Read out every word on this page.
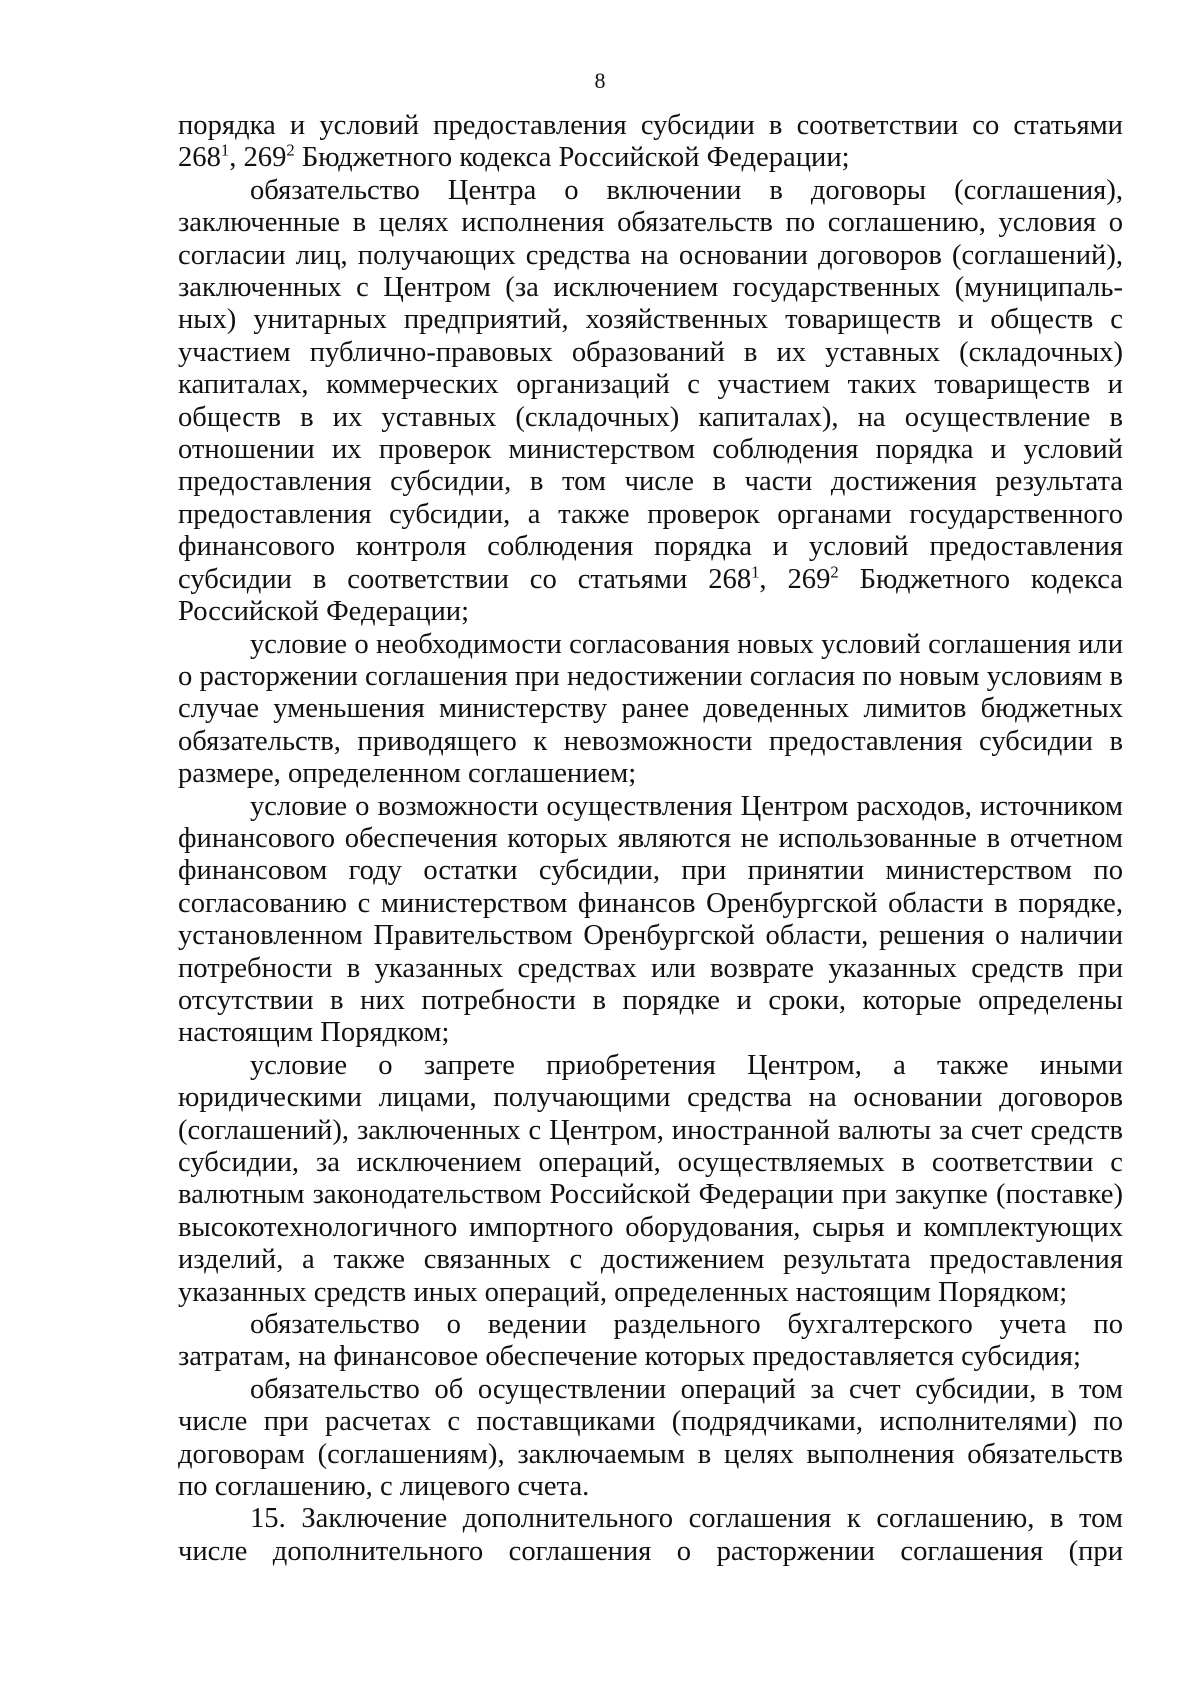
8

порядка и условий предоставления субсидии в соответствии со статьями $268^1$, $269^2$ Бюджетного кодекса Российской Федерации;

обязательство Центра о включении в договоры (соглашения), заключенные в целях исполнения обязательств по соглашению, условия о согласии лиц, получающих средства на основании договоров (соглашений), заключенных с Центром (за исключением государственных (муниципальных) унитарных предприятий, хозяйственных товариществ и обществ с участием публично-правовых образований в их уставных (складочных) капиталах, коммерческих организаций с участием таких товариществ и обществ в их уставных (складочных) капиталах), на осуществление в отношении их проверок министерством соблюдения порядка и условий предоставления субсидии, в том числе в части достижения результата предоставления субсидии, а также проверок органами государственного финансового контроля соблюдения порядка и условий предоставления субсидии в соответствии со статьями $268^1$, $269^2$ Бюджетного кодекса Российской Федерации;

условие о необходимости согласования новых условий соглашения или о расторжении соглашения при недостижении согласия по новым условиям в случае уменьшения министерству ранее доведенных лимитов бюджетных обязательств, приводящего к невозможности предоставления субсидии в размере, определенном соглашением;

условие о возможности осуществления Центром расходов, источником финансового обеспечения которых являются не использованные в отчетном финансовом году остатки субсидии, при принятии министерством по согласованию с министерством финансов Оренбургской области в порядке, установленном Правительством Оренбургской области, решения о наличии потребности в указанных средствах или возврате указанных средств при отсутствии в них потребности в порядке и сроки, которые определены настоящим Порядком;

условие о запрете приобретения Центром, а также иными юридическими лицами, получающими средства на основании договоров (соглашений), заключенных с Центром, иностранной валюты за счет средств субсидии, за исключением операций, осуществляемых в соответствии с валютным законодательством Российской Федерации при закупке (поставке) высокотехнологичного импортного оборудования, сырья и комплектующих изделий, а также связанных с достижением результата предоставления указанных средств иных операций, определенных настоящим Порядком;

обязательство о ведении раздельного бухгалтерского учета по затратам, на финансовое обеспечение которых предоставляется субсидия;

обязательство об осуществлении операций за счет субсидии, в том числе при расчетах с поставщиками (подрядчиками, исполнителями) по договорам (соглашениям), заключаемым в целях выполнения обязательств по соглашению, с лицевого счета.

15. Заключение дополнительного соглашения к соглашению, в том числе дополнительного соглашения о расторжении соглашения (при
